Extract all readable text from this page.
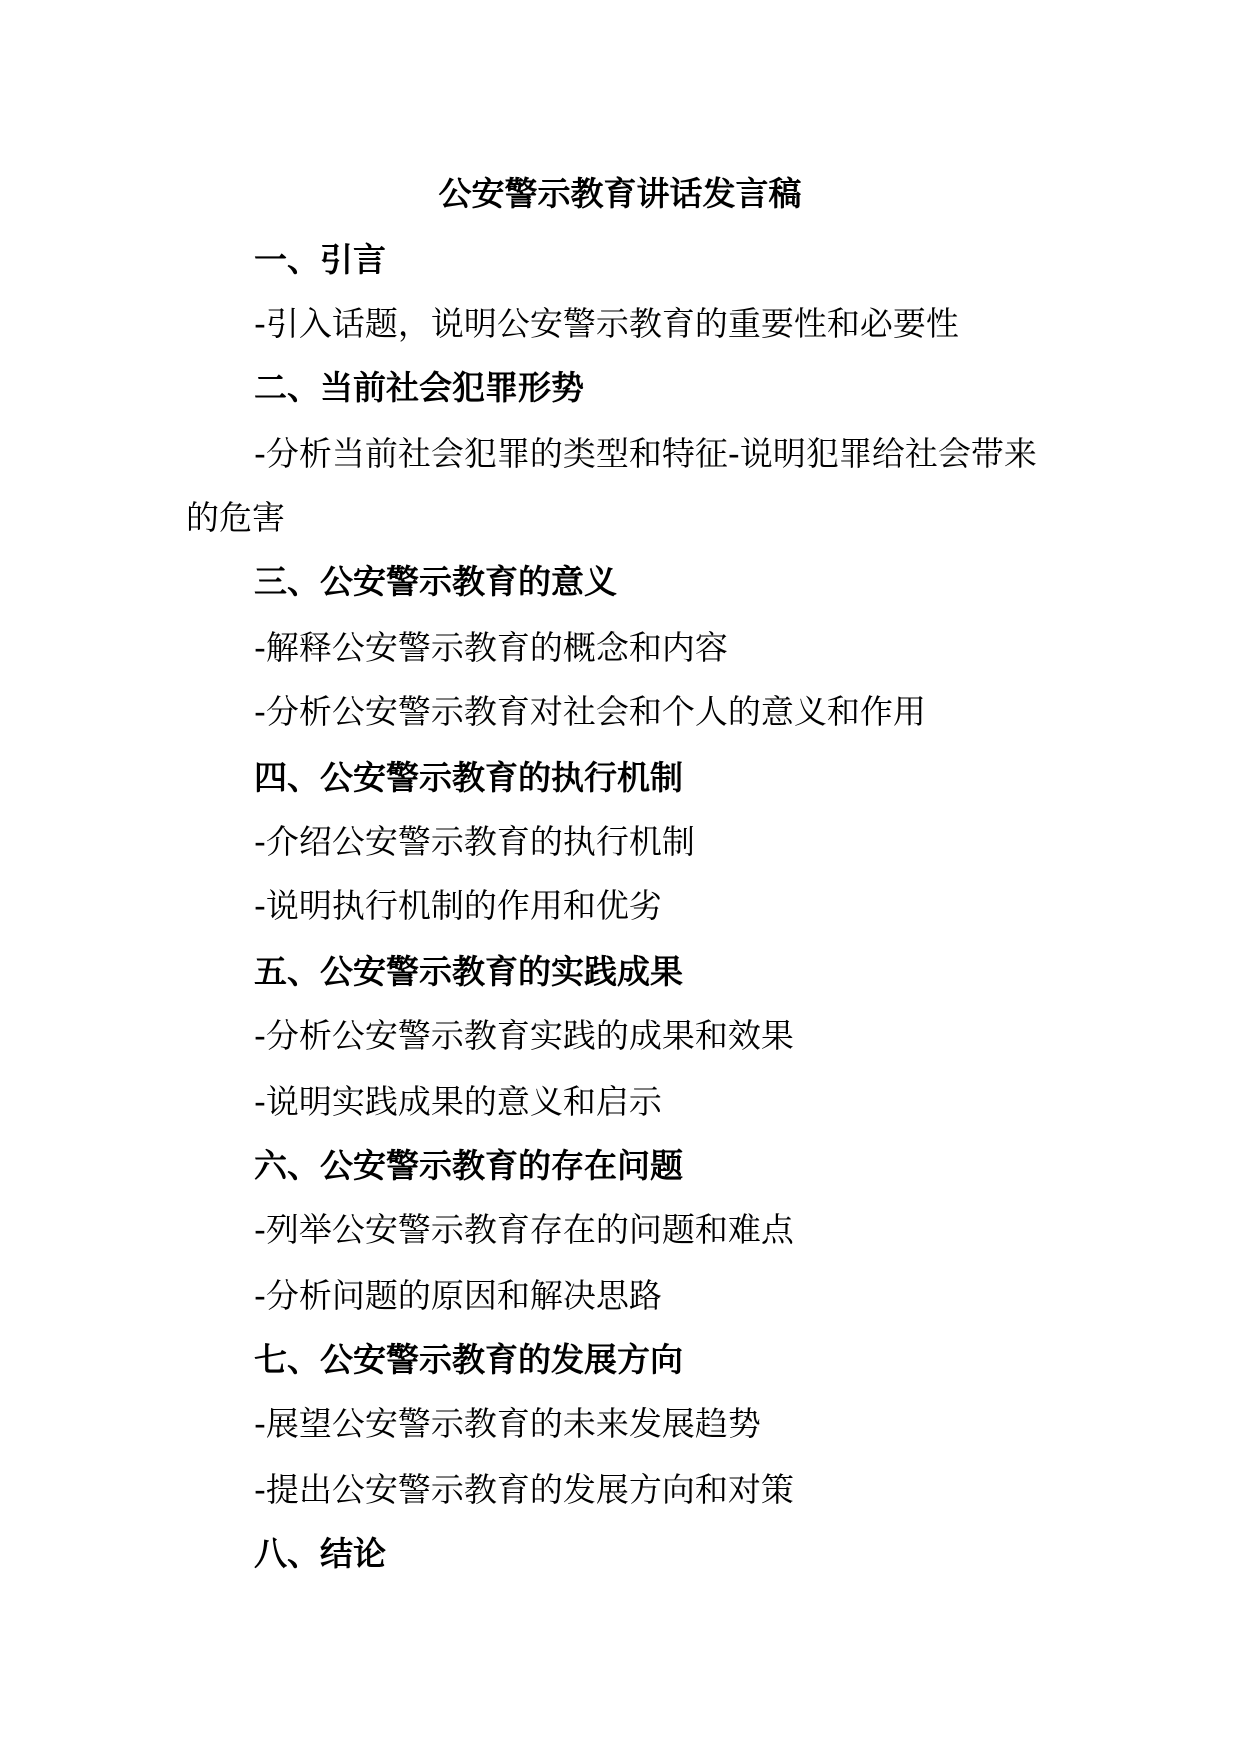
公安警示教育讲话发言稿
一、引言
-引入话题，说明公安警示教育的重要性和必要性
二、当前社会犯罪形势
-分析当前社会犯罪的类型和特征-说明犯罪给社会带来
的危害
三、公安警示教育的意义
-解释公安警示教育的概念和内容
-分析公安警示教育对社会和个人的意义和作用
四、公安警示教育的执行机制
-介绍公安警示教育的执行机制
-说明执行机制的作用和优劣
五、公安警示教育的实践成果
-分析公安警示教育实践的成果和效果
-说明实践成果的意义和启示
六、公安警示教育的存在问题
-列举公安警示教育存在的问题和难点
-分析问题的原因和解决思路
七、公安警示教育的发展方向
-展望公安警示教育的未来发展趋势
-提出公安警示教育的发展方向和对策
八、结论
